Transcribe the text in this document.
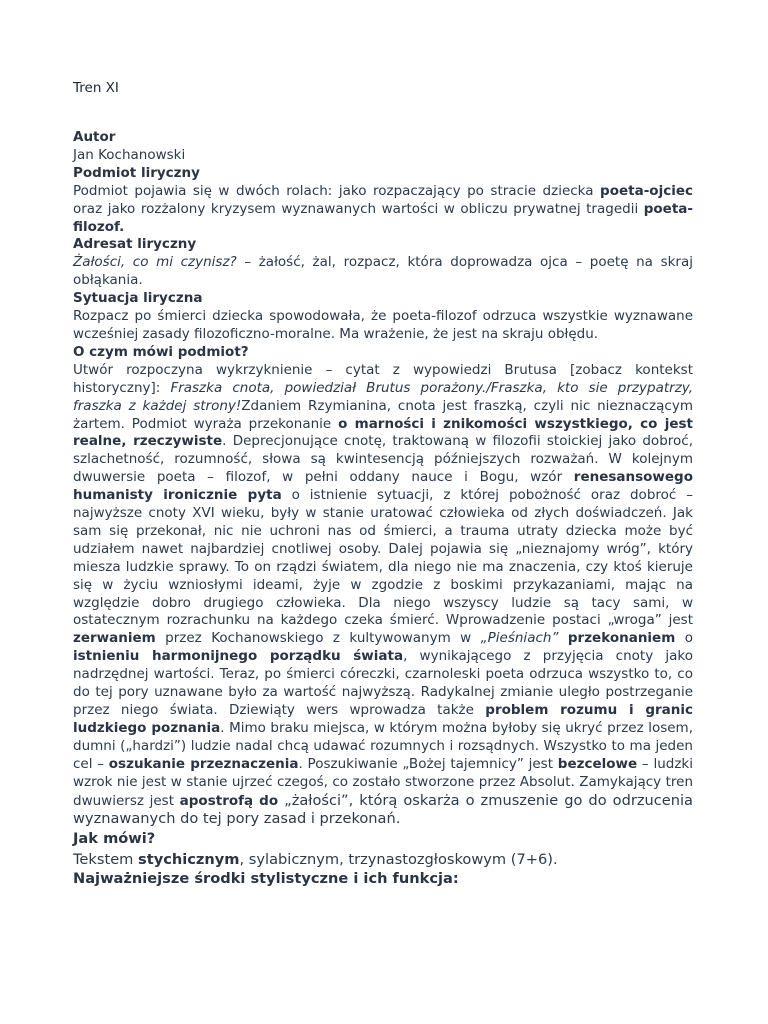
Tren XI
Autor
Jan Kochanowski
Podmiot liryczny
Podmiot pojawia się w dwóch rolach: jako rozpaczający po stracie dziecka poeta-ojciec oraz jako rozżalony kryzysem wyznawanych wartości w obliczu prywatnej tragedii poeta-filozof.
Adresat liryczny
Żałości, co mi czynisz? – żałość, żal, rozpacz, która doprowadza ojca – poetę na skraj obłąkania.
Sytuacja liryczna
Rozpacz po śmierci dziecka spowodowała, że poeta-filozof odrzuca wszystkie wyznawane wcześniej zasady filozoficzno-moralne. Ma wrażenie, że jest na skraju obłędu.
O czym mówi podmiot?
Utwór rozpoczyna wykrzyknienie – cytat z wypowiedzi Brutusa [zobacz kontekst historyczny]: Fraszka cnota, powiedział Brutus porażony./Fraszka, kto sie przypatrzy, fraszka z każdej strony!Zdaniem Rzymianina, cnota jest fraszką, czyli nic nieznaczącym żartem. Podmiot wyraża przekonanie o marności i znikomości wszystkiego, co jest realne, rzeczywiste. Deprecjonujące cnotę, traktowaną w filozofii stoickiej jako dobroć, szlachetność, rozumność, słowa są kwintesencją późniejszych rozważań. W kolejnym dwuwersie poeta – filozof, w pełni oddany nauce i Bogu, wzór renesansowego humanisty ironicznie pyta o istnienie sytuacji, z której pobożność oraz dobroć – najwyższe cnoty XVI wieku, były w stanie uratować człowieka od złych doświadczeń. Jak sam się przekonał, nic nie uchroni nas od śmierci, a trauma utraty dziecka może być udziałem nawet najbardziej cnotliwej osoby. Dalej pojawia się „nieznajomy wróg”, który miesza ludzkie sprawy. To on rządzi światem, dla niego nie ma znaczenia, czy ktoś kieruje się w życiu wzniosłymi ideami, żyje w zgodzie z boskimi przykazaniami, mając na względzie dobro drugiego człowieka. Dla niego wszyscy ludzie są tacy sami, w ostatecznym rozrachunku na każdego czeka śmierć. Wprowadzenie postaci „wroga” jest zerwaniem przez Kochanowskiego z kultywowanym w „Pieśniach” przekonaniem o istnieniu harmonijnego porządku świata, wynikającego z przyjęcia cnoty jako nadrzędnej wartości. Teraz, po śmierci córeczki, czarnoleski poeta odrzuca wszystko to, co do tej pory uznawane było za wartość najwyższą. Radykalnej zmianie uległo postrzeganie przez niego świata. Dziewiąty wers wprowadza także problem rozumu i granic ludzkiego poznania. Mimo braku miejsca, w którym można byłoby się ukryć przez losem, dumni („hardzi”) ludzie nadal chcą udawać rozumnych i rozsądnych. Wszystko to ma jeden cel – oszukanie przeznaczenia. Poszukiwanie „Bożej tajemnicy” jest bezcelowe – ludzki wzrok nie jest w stanie ujrzeć czegoś, co zostało stworzone przez Absolut. Zamykający tren dwuwiersz jest apostrofą do „żałości”, którą oskarża o zmuszenie go do odrzucenia wyznawanych do tej pory zasad i przekonań.
Jak mówi?
Tekstem stychicznym, sylabicznym, trzynastozgłoskowym (7+6).
Najważniejsze środki stylistyczne i ich funkcja:
